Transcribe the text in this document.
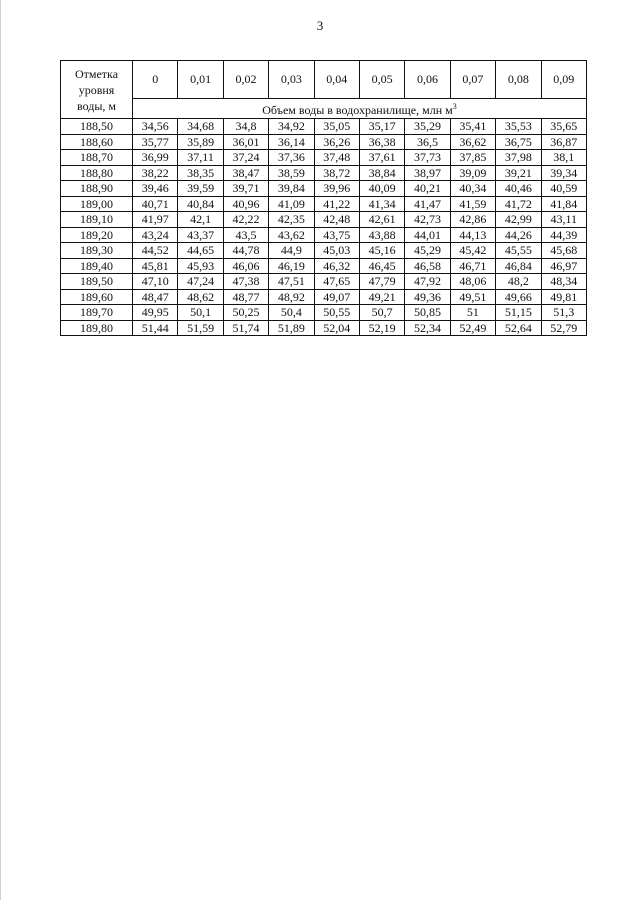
3
Отметка
уровня
воды, м	0	0,01	0,02	0,03	0,04	0,05	0,06	0,07	0,08	0,09
	Объем воды в водохранилище, млн $м^3$
188,50	34,56	34,68	34,8	34,92	35,05	35,17	35,29	35,41	35,53	35,65
188,60	35,77	35,89	36,01	36,14	36,26	36,38	36,5	36,62	36,75	36,87
188,70	36,99	37,11	37,24	37,36	37,48	37,61	37,73	37,85	37,98	38,1
188,80	38,22	38,35	38,47	38,59	38,72	38,84	38,97	39,09	39,21	39,34
188,90	39,46	39,59	39,71	39,84	39,96	40,09	40,21	40,34	40,46	40,59
189,00	40,71	40,84	40,96	41,09	41,22	41,34	41,47	41,59	41,72	41,84
189,10	41,97	42,1	42,22	42,35	42,48	42,61	42,73	42,86	42,99	43,11
189,20	43,24	43,37	43,5	43,62	43,75	43,88	44,01	44,13	44,26	44,39
189,30	44,52	44,65	44,78	44,9	45,03	45,16	45,29	45,42	45,55	45,68
189,40	45,81	45,93	46,06	46,19	46,32	46,45	46,58	46,71	46,84	46,97
189,50	47,10	47,24	47,38	47,51	47,65	47,79	47,92	48,06	48,2	48,34
189,60	48,47	48,62	48,77	48,92	49,07	49,21	49,36	49,51	49,66	49,81
189,70	49,95	50,1	50,25	50,4	50,55	50,7	50,85	51	51,15	51,3
189,80	51,44	51,59	51,74	51,89	52,04	52,19	52,34	52,49	52,64	52,79
